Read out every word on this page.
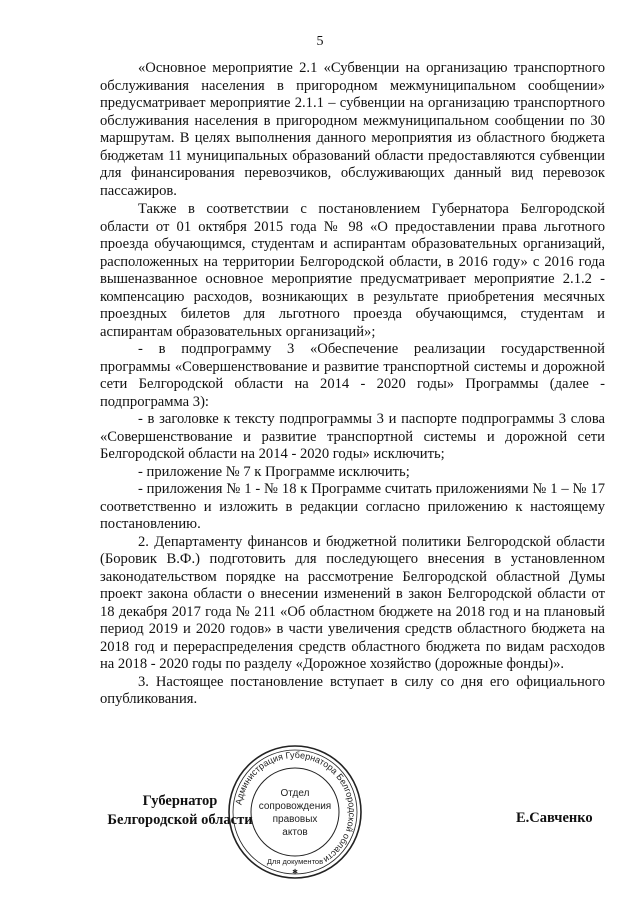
5

«Основное мероприятие 2.1 «Субвенции на организацию транспортного обслуживания населения в пригородном межмуниципальном сообщении» предусматривает мероприятие 2.1.1 – субвенции на организацию транспортного обслуживания населения в пригородном межмуниципальном сообщении по 30 маршрутам. В целях выполнения данного мероприятия из областного бюджета бюджетам 11 муниципальных образований области предоставляются субвенции для финансирования перевозчиков, обслуживающих данный вид перевозок пассажиров.

Также в соответствии с постановлением Губернатора Белгородской области от 01 октября 2015 года № 98 «О предоставлении права льготного проезда обучающимся, студентам и аспирантам образовательных организаций, расположенных на территории Белгородской области, в 2016 году» с 2016 года вышеназванное основное мероприятие предусматривает мероприятие 2.1.2 - компенсацию расходов, возникающих в результате приобретения месячных проездных билетов для льготного проезда обучающимся, студентам и аспирантам образовательных организаций»;

- в подпрограмму 3 «Обеспечение реализации государственной программы «Совершенствование и развитие транспортной системы и дорожной сети Белгородской области на 2014 - 2020 годы» Программы (далее - подпрограмма 3):

- в заголовке к тексту подпрограммы 3 и паспорте подпрограммы 3 слова «Совершенствование и развитие транспортной системы и дорожной сети Белгородской области на 2014 - 2020 годы» исключить;

- приложение № 7 к Программе исключить;

- приложения № 1 - № 18 к Программе считать приложениями № 1 – № 17 соответственно и изложить в редакции согласно приложению к настоящему постановлению.

2. Департаменту финансов и бюджетной политики Белгородской области (Боровик В.Ф.) подготовить для последующего внесения в установленном законодательством порядке на рассмотрение Белгородской областной Думы проект закона области о внесении изменений в закон Белгородской области от 18 декабря 2017 года № 211 «Об областном бюджете на 2018 год и на плановый период 2019 и 2020 годов» в части увеличения средств областного бюджета на 2018 год и перераспределения средств областного бюджета по видам расходов на 2018 - 2020 годы по разделу «Дорожное хозяйство (дорожные фонды)».

3. Настоящее постановление вступает в силу со дня его официального опубликования.

Губернатор
Белгородской области	Е.Савченко
Администрация Губернатора Белгородской области
Отдел
сопровождения
правовых
актов
Для документов
✱
